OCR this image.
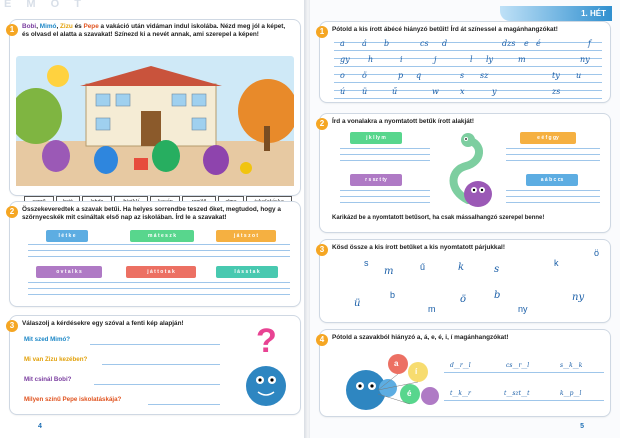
E M O T
1	Bobi, Mimó, Zizu és Pepe a vakáció után vidáman indul iskolába. Nézd meg jól a képet, és olvasd el alatta a szavakat! Színezd ki a nevét annak, ami szerepel a képen!
2	Összekeveredtek a szavak betűi. Ha helyes sorrendbe teszed őket, megtudod, hogy a szörnyecskék mit csináltak első nap az iskolában. Írd le a szavakat!
l é t k e	m á t e s z k	j á t s z o t
o v t a l k s	j á t t o t a k	l á s s t a k
3	Válaszolj a kérdésekre egy szóval a fenti kép alapján!
Mit szed Mimó?
Mi van Zizu kezében?
Mit csinál Bobi?
Milyen színű Pepe iskolatáskája?
?
4
1. HÉT
1	Pótold a kis írott ábécé hiányzó betűit! Írd át színessel a magánhangzókat!
a á b	cs d	dzs e é	f
gy h	i	j	l ly	m	ny
o ö	p q	s sz	ty u
ú ü	ű	w	x	y	zs
2	Írd a vonalakra a nyomtatott betűk írott alakját!
j k l ly m	e é f g gy
r s sz t ty	a á b c cs
Karikázd be a nyomtatott betűsort, ha csak mássalhangzó szerepel benne!
3	Kösd össze a kis írott betűket a kis nyomtatott párjukkal!
s	ű	k
ö
b
m	ny
m	k	s
ü	ö	b	ny
4	Pótold a szavakból hiányzó a, á, e, é, i, í magánhangzókat!
a
í
é
d__r__l	cs__r__l	s__k__k
t__k__r	t__szt__t	k__p__l
5
